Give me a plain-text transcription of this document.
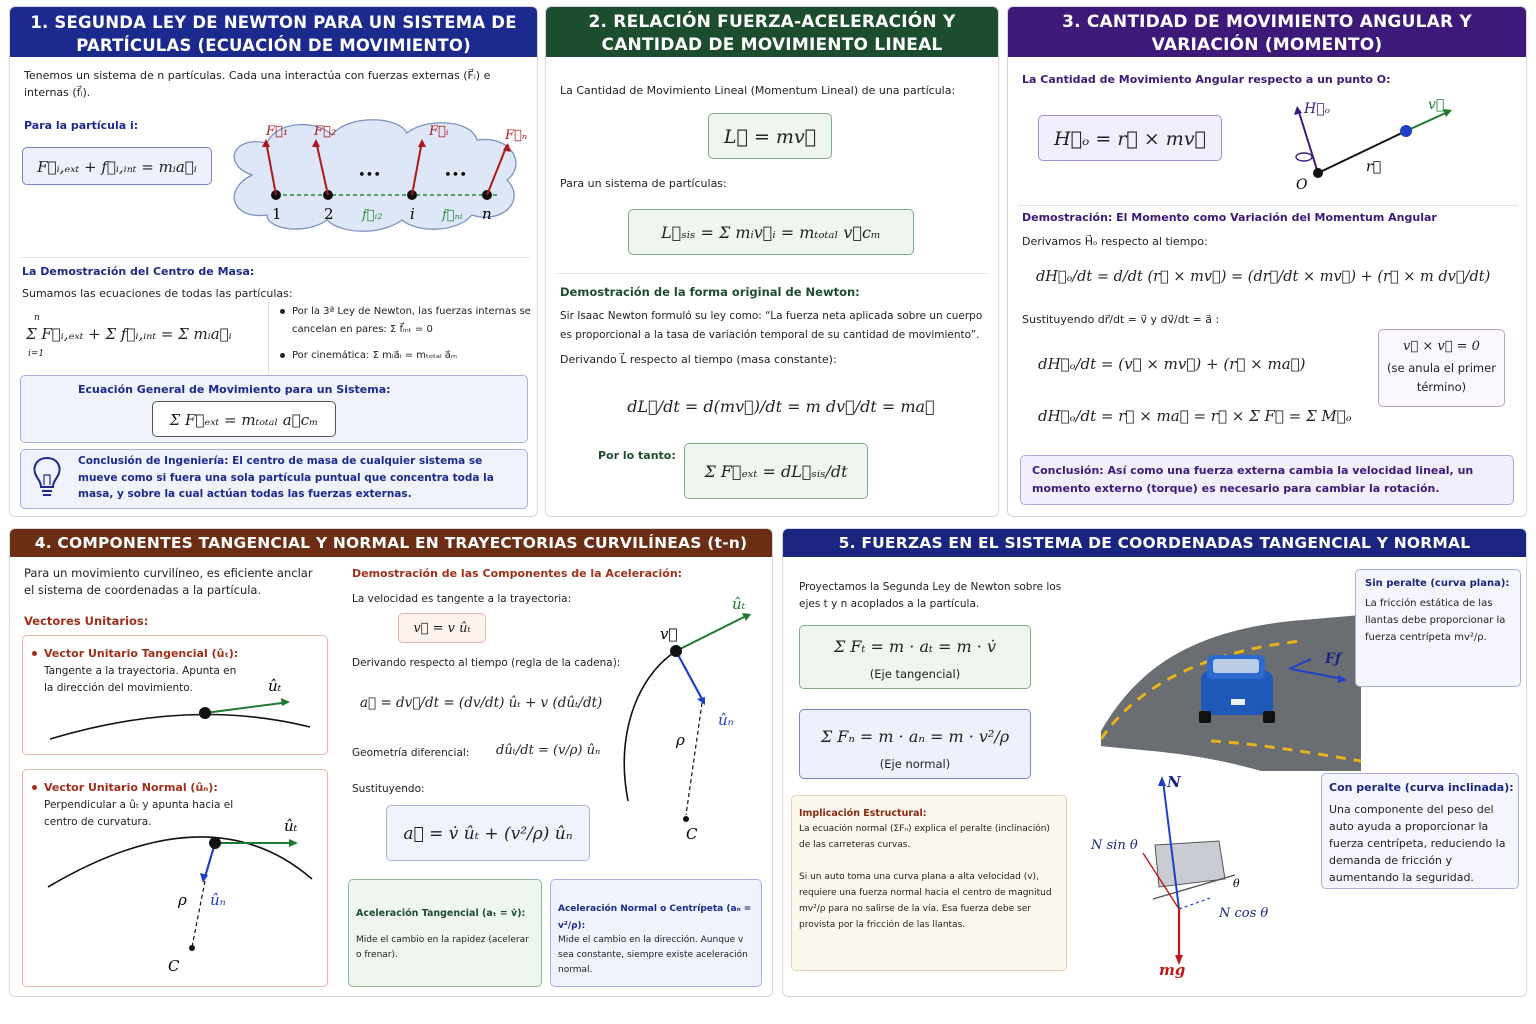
1. SEGUNDA LEY DE NEWTON PARA UN SISTEMA DE PARTÍCULAS (ECUACIÓN DE MOVIMIENTO)
Tenemos un sistema de n partículas. Cada una interactúa con fuerzas externas (F⃗ᵢ) e internas (f⃗ᵢ).
Para la partícula i:
F⃗ᵢ,ₑₓₜ + f⃗ᵢ,ᵢₙₜ = mᵢa⃗ᵢ
F⃗₁ F⃗₂	F⃗ᵢ	F⃗ₙ
1	2	i	n
•••	•••
f⃗ᵢ₂	f⃗ₙᵢ
La Demostración del Centro de Masa:
Sumamos las ecuaciones de todas las partículas:
Σ F⃗ᵢ,ₑₓₜ + Σ f⃗ᵢ,ᵢₙₜ = Σ mᵢa⃗ᵢ
n
i=1
Por la 3ª Ley de Newton, las fuerzas internas se cancelan en pares: Σ f⃗ᵢₙₜ = 0
Por cinemática: Σ mᵢa⃗ᵢ = mₜₒₜₐₗ a⃗ₘ
Ecuación General de Movimiento para un Sistema:
Σ F⃗ₑₓₜ = mₜₒₜₐₗ a⃗cₘ
Conclusión de Ingeniería: El centro de masa de cualquier sistema se mueve como si fuera una sola partícula puntual que concentra toda la masa, y sobre la cual actúan todas las fuerzas externas.
2. RELACIÓN FUERZA-ACELERACIÓN Y CANTIDAD DE MOVIMIENTO LINEAL
La Cantidad de Movimiento Lineal (Momentum Lineal) de una partícula:
L⃗ = mv⃗
Para un sistema de partículas:
L⃗ₛᵢₛ = Σ mᵢv⃗ᵢ = mₜₒₜₐₗ v⃗cₘ
Demostración de la forma original de Newton:
Sir Isaac Newton formuló su ley como: “La fuerza neta aplicada sobre un cuerpo es proporcional a la tasa de variación temporal de su cantidad de movimiento”.
Derivando L⃗ respecto al tiempo (masa constante):
dL⃗/dt = d(mv⃗)/dt = m dv⃗/dt = ma⃗
Por lo tanto:
Σ F⃗ₑₓₜ = dL⃗ₛᵢₛ/dt
3. CANTIDAD DE MOVIMIENTO ANGULAR Y VARIACIÓN (MOMENTO)
La Cantidad de Movimiento Angular respecto a un punto O:
H⃗ₒ = r⃗ × mv⃗
H⃗ₒ	v⃗
r⃗
O
Demostración: El Momento como Variación del Momentum Angular
Derivamos H⃗ₒ respecto al tiempo:
dH⃗ₒ/dt = d/dt (r⃗ × mv⃗) = (dr⃗/dt × mv⃗) + (r⃗ × m dv⃗/dt)
Sustituyendo dr⃗/dt = v⃗ y dv⃗/dt = a⃗ :
dH⃗ₒ/dt = (v⃗ × mv⃗) + (r⃗ × ma⃗)
dH⃗ₒ/dt = r⃗ × ma⃗ = r⃗ × Σ F⃗ = Σ M⃗ₒ
v⃗ × v⃗ = 0
(se anula el primer término)
Conclusión: Así como una fuerza externa cambia la velocidad lineal, un momento externo (torque) es necesario para cambiar la rotación.
4. COMPONENTES TANGENCIAL Y NORMAL EN TRAYECTORIAS CURVILÍNEAS (t-n)
Para un movimiento curvilíneo, es eficiente anclar el sistema de coordenadas a la partícula.
Vectores Unitarios:
Vector Unitario Tangencial (ûₜ):
Tangente a la trayectoria. Apunta en la dirección del movimiento.	ûₜ
Vector Unitario Normal (ûₙ):
Perpendicular a ûₜ y apunta hacia el centro de curvatura.	ûₜ
ûₙ
ρ
C
Demostración de las Componentes de la Aceleración:
La velocidad es tangente a la trayectoria:
v⃗ = v ûₜ
Derivando respecto al tiempo (regla de la cadena):
a⃗ = dv⃗/dt = (dv/dt) ûₜ + v (dûₜ/dt)
Geometría diferencial: dûₜ/dt = (v/ρ) ûₙ
Sustituyendo:
a⃗ = v̇ ûₜ + (v²/ρ) ûₙ
v⃗
ûₜ
ûₙ
ρ
C
Aceleración Tangencial (aₜ = v̇):
Mide el cambio en la rapidez (acelerar o frenar).
Aceleración Normal o Centrípeta (aₙ = v²/ρ):
Mide el cambio en la dirección. Aunque v sea constante, siempre existe aceleración normal.
5. FUERZAS EN EL SISTEMA DE COORDENADAS TANGENCIAL Y NORMAL
Proyectamos la Segunda Ley de Newton sobre los ejes t y n acoplados a la partícula.
Σ Fₜ = m · aₜ = m · v̇
(Eje tangencial)
Σ Fₙ = m · aₙ = m · v²/ρ
(Eje normal)
Implicación Estructural:
La ecuación normal (ΣFₙ) explica el peralte (inclinación) de las carreteras curvas.
Si un auto toma una curva plana a alta velocidad (v), requiere una fuerza normal hacia el centro de magnitud mv²/ρ para no salirse de la vía. Esa fuerza debe ser provista por la fricción de las llantas.
Fƒ
N
N sin θ
N cos θ
θ
mg
Sin peralte (curva plana):
La fricción estática de las llantas debe proporcionar la fuerza centrípeta mv²/ρ.
Con peralte (curva inclinada):
Una componente del peso del auto ayuda a proporcionar la fuerza centrípeta, reduciendo la demanda de fricción y aumentando la seguridad.
